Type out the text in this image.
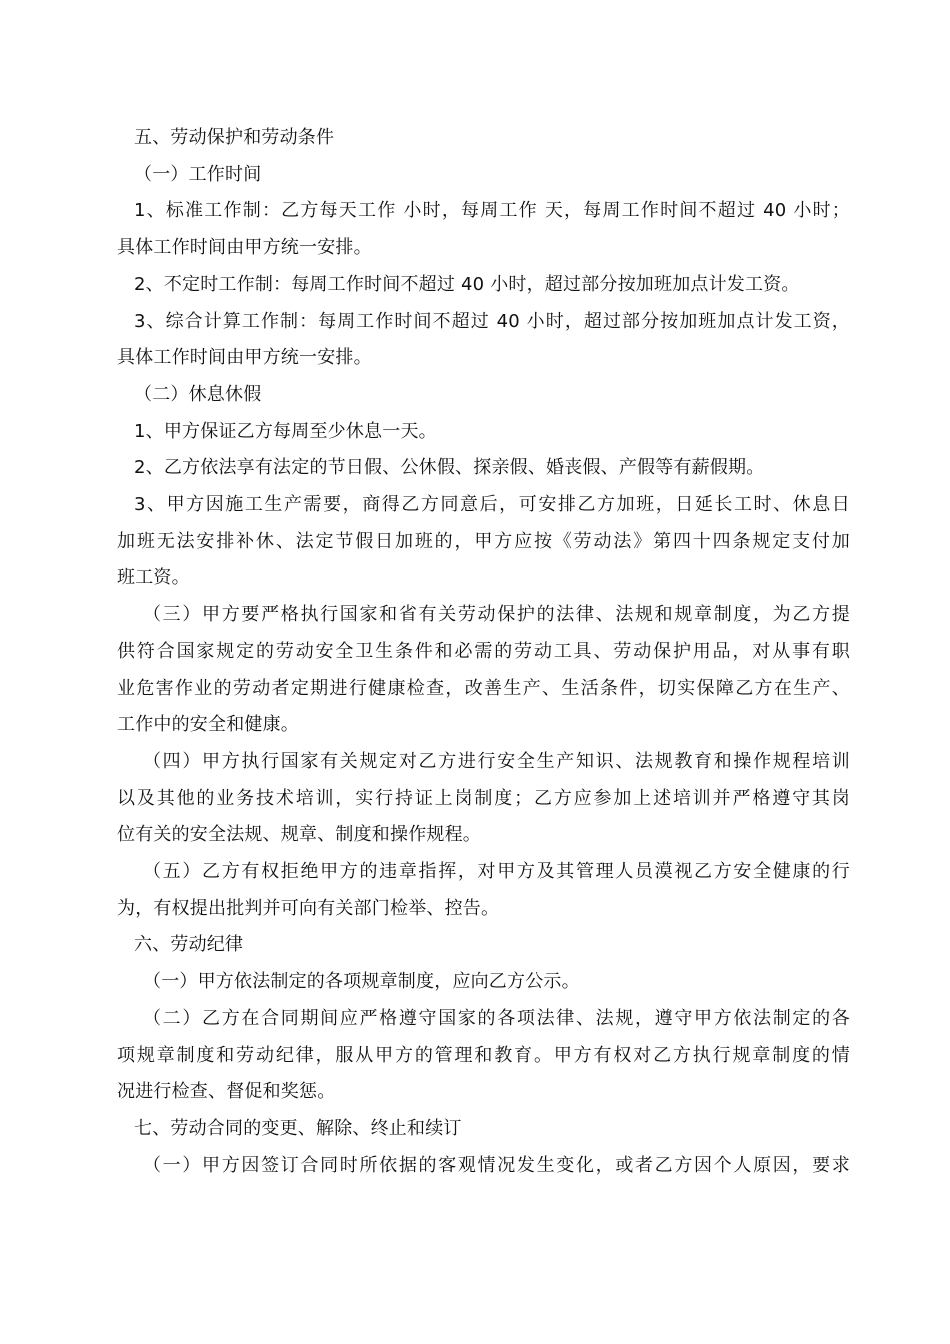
五、劳动保护和劳动条件
（一）工作时间
1、标准工作制：乙方每天工作 小时，每周工作 天，每周工作时间不超过 40 小时；
具体工作时间由甲方统一安排。
2、不定时工作制：每周工作时间不超过 40 小时，超过部分按加班加点计发工资。
3、综合计算工作制：每周工作时间不超过 40 小时，超过部分按加班加点计发工资，
具体工作时间由甲方统一安排。
（二）休息休假
1、甲方保证乙方每周至少休息一天。
2、乙方依法享有法定的节日假、公休假、探亲假、婚丧假、产假等有薪假期。
3、甲方因施工生产需要，商得乙方同意后，可安排乙方加班，日延长工时、休息日
加班无法安排补休、法定节假日加班的，甲方应按《劳动法》第四十四条规定支付加
班工资。
（三）甲方要严格执行国家和省有关劳动保护的法律、法规和规章制度，为乙方提
供符合国家规定的劳动安全卫生条件和必需的劳动工具、劳动保护用品，对从事有职
业危害作业的劳动者定期进行健康检查，改善生产、生活条件，切实保障乙方在生产、
工作中的安全和健康。
（四）甲方执行国家有关规定对乙方进行安全生产知识、法规教育和操作规程培训
以及其他的业务技术培训，实行持证上岗制度；乙方应参加上述培训并严格遵守其岗
位有关的安全法规、规章、制度和操作规程。
（五）乙方有权拒绝甲方的违章指挥，对甲方及其管理人员漠视乙方安全健康的行
为，有权提出批判并可向有关部门检举、控告。
六、劳动纪律
（一）甲方依法制定的各项规章制度，应向乙方公示。
（二）乙方在合同期间应严格遵守国家的各项法律、法规，遵守甲方依法制定的各
项规章制度和劳动纪律，服从甲方的管理和教育。甲方有权对乙方执行规章制度的情
况进行检查、督促和奖惩。
七、劳动合同的变更、解除、终止和续订
（一）甲方因签订合同时所依据的客观情况发生变化，或者乙方因个人原因，要求
